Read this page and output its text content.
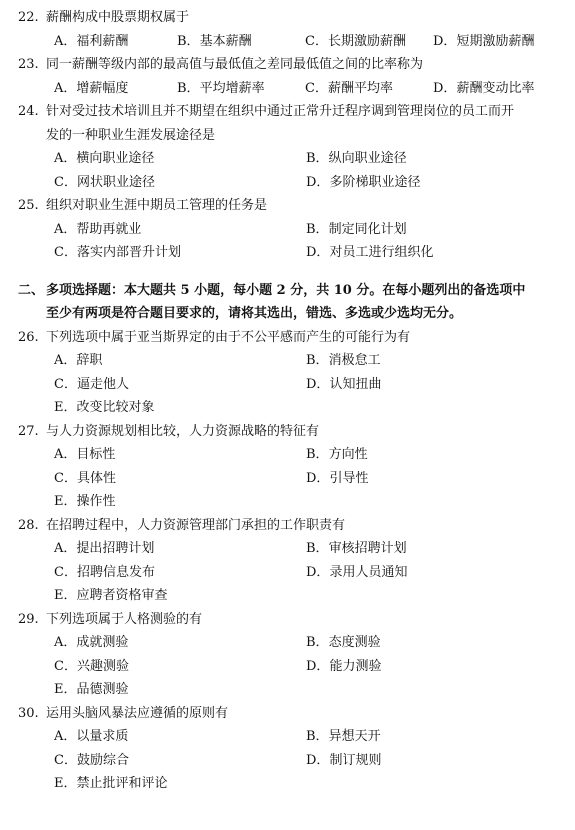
22. 薪酬构成中股票期权属于
A．福利薪酬	B．基本薪酬	C．长期激励薪酬	D．短期激励薪酬
23. 同一薪酬等级内部的最高值与最低值之差同最低值之间的比率称为
A．增薪幅度	B．平均增薪率	C．薪酬平均率	D．薪酬变动比率
24. 针对受过技术培训且并不期望在组织中通过正常升迁程序调到管理岗位的员工而开
发的一种职业生涯发展途径是
A．横向职业途径	B．纵向职业途径
C．网状职业途径	D．多阶梯职业途径
25. 组织对职业生涯中期员工管理的任务是
A．帮助再就业	B．制定同化计划
C．落实内部晋升计划	D．对员工进行组织化
二、 多项选择题：本大题共 5 小题，每小题 2 分，共 10 分。在每小题列出的备选项中
至少有两项是符合题目要求的，请将其选出，错选、多选或少选均无分。
26. 下列选项中属于亚当斯界定的由于不公平感而产生的可能行为有
A．辞职	B．消极怠工
C．逼走他人	D．认知扭曲
E．改变比较对象
27. 与人力资源规划相比较，人力资源战略的特征有
A．目标性	B．方向性
C．具体性	D．引导性
E．操作性
28. 在招聘过程中，人力资源管理部门承担的工作职责有
A．提出招聘计划	B．审核招聘计划
C．招聘信息发布	D．录用人员通知
E．应聘者资格审查
29. 下列选项属于人格测验的有
A．成就测验	B．态度测验
C．兴趣测验	D．能力测验
E．品德测验
30. 运用头脑风暴法应遵循的原则有
A．以量求质	B．异想天开
C．鼓励综合	D．制订规则
E．禁止批评和评论
